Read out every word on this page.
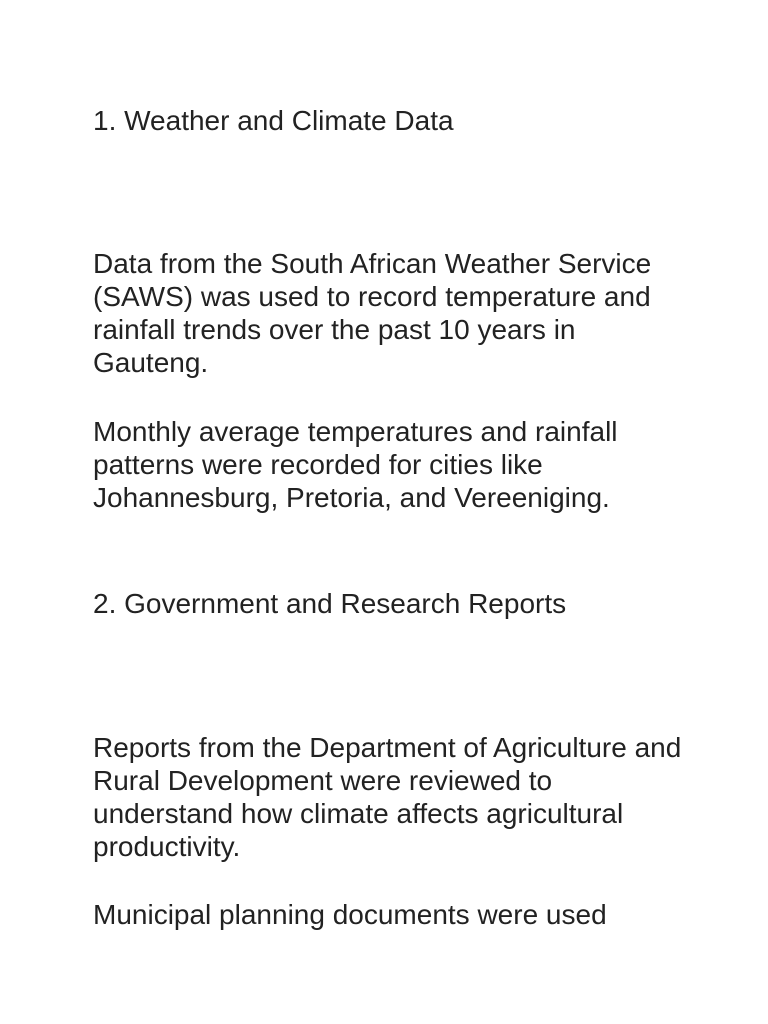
1. Weather and Climate Data

Data from the South African Weather Service (SAWS) was used to record temperature and rainfall trends over the past 10 years in Gauteng.

Monthly average temperatures and rainfall patterns were recorded for cities like Johannesburg, Pretoria, and Vereeniging.

2. Government and Research Reports

Reports from the Department of Agriculture and Rural Development were reviewed to understand how climate affects agricultural productivity.

Municipal planning documents were used
